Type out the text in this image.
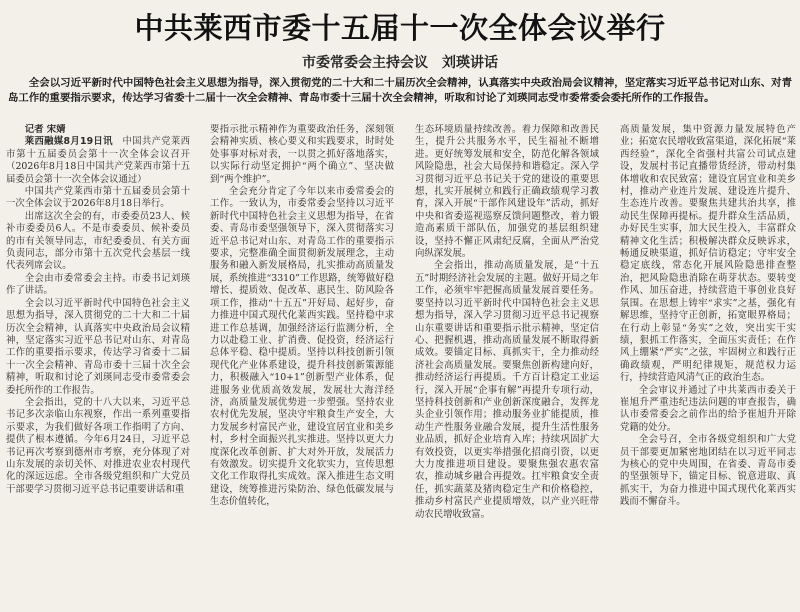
中共莱西市委十五届十一次全体会议举行
市委常委会主持会议　刘瑛讲话

全会以习近平新时代中国特色社会主义思想为指导，深入贯彻党的二十大和二十届历次全会精神，认真落实中央政治局会议精神，坚定落实习近平总书记对山东、对青岛工作的重要指示要求，传达学习省委十二届十一次全会精神、青岛市委十三届十次全会精神，听取和讨论了刘瑛同志受市委常委会委托所作的工作报告。

记者 宋婧

莱西融媒8月19日讯　 中国共产党莱西市第十五届委员会第十一次全体会议召开（2026年8月18日中国共产党莱西市第十五届委员会第十一次全体会议通过）

中国共产党莱西市第十五届委员会第十一次全体会议于2026年8月18日举行。

出席这次全会的有，市委委员23人、候补市委委员6人。不是市委委员、候补委员的市有关领导同志，市纪委委员、有关方面负责同志，部分市第十五次党代会基层一线代表列席会议。

全会由市委常委会主持。市委书记刘瑛作了讲话。

全会以习近平新时代中国特色社会主义思想为指导，深入贯彻党的二十大和二十届历次全会精神，认真落实中央政治局会议精神，坚定落实习近平总书记对山东、对青岛工作的重要指示要求，传达学习省委十二届十一次全会精神、青岛市委十三届十次全会精神，听取和讨论了刘瑛同志受市委常委会委托所作的工作报告。

全会指出，党的十八大以来，习近平总书记多次亲临山东视察，作出一系列重要指示要求，为我们做好各项工作指明了方向、提供了根本遵循。今年6月24日，习近平总书记再次考察到德州市考察，充分体现了对山东发展的亲切关怀、对推进农业农村现代化的深远远虑。全市各级党组织和广大党员干部要学习贯彻习近平总书记重要讲话和重

要指示批示精神作为重要政治任务，深刻领会精神实质、核心要义和实践要求，时时处处事事对标对表，一以贯之抓好落地落实，以实际行动坚定拥护“两个确立”、坚决做到“两个维护”。

全会充分肯定了今年以来市委常委会的工作。一致认为，市委常委会坚持以习近平新时代中国特色社会主义思想为指导，在省委、青岛市委坚强领导下，深入贯彻落实习近平总书记对山东、对青岛工作的重要指示要求，完整准确全面贯彻新发展理念，主动服务和融入新发展格局，扎实推动高质量发展，系统推进“3310”工作思路，统筹做好稳增长、提质效、促改革、惠民生、防风险各项工作，推动“十五五”开好局、起好步，奋力推进中国式现代化莱西实践。坚持稳中求进工作总基调，加强经济运行监测分析，全力以赴稳工业、扩消费、促投资，经济运行总体平稳、稳中提质。坚持以科技创新引领现代化产业体系建设，提升科技创新策源能力，积极融入“10+1”创新型产业体系，促进服务业优质高效发展，发展壮大海洋经济，高质量发展优势进一步塑强。坚持农业农村优先发展，坚决守牢粮食生产安全，大力发展乡村富民产业，建设宜居宜业和美乡村，乡村全面振兴扎实推进。坚持以更大力度深化改革创新、扩大对外开放，发展活力有效激发。切实提升文化软实力，宣传思想文化工作取得扎实成效。深入推进生态文明建设，统筹推进污染防治、绿色低碳发展与生态价值转化，

生态环境质量持续改善。着力保障和改善民生，提升公共服务水平，民生福祉不断增进。更好统筹发展和安全，防范化解各领域风险隐患，社会大局保持和谐稳定。深入学习贯彻习近平总书记关于党的建设的重要思想，扎实开展树立和践行正确政绩观学习教育，深入开展“干部作风建设年”活动，抓好中央和省委巡视巡察反馈问题整改，着力锻造高素质干部队伍，加强党的基层组织建设，坚持不懈正风肃纪反腐，全面从严治党向纵深发展。

全会指出，推动高质量发展，是“十五五”时期经济社会发展的主题。做好开局之年工作，必须牢牢把握高质量发展首要任务。要坚持以习近平新时代中国特色社会主义思想为指导，深入学习贯彻习近平总书记视察山东重要讲话和重要指示批示精神，坚定信心、把握机遇，推动高质量发展不断取得新成效。要锚定目标、真抓实干，全力推动经济社会高质量发展。要聚焦创新构建向好，推动经济运行再提质。千方百计稳定工业运行，深入开展“企事有解”再提升专项行动，坚持科技创新和产业创新深度融合，发挥龙头企业引领作用；推动服务业扩能提质，推动生产性服务业融合发展，提升生活性服务业品质，抓好企业培育入库；持续巩固扩大有效投资，以更实举措强化招商引资，以更大力度推进项目建设。要聚焦强农惠农富农，推动城乡融合再提效。扛牢粮食安全责任，抓实蔬菜及猪肉稳定生产和价格稳控，推动乡村富民产业提质增效，以产业兴旺带动农民增收致富。

高质量发展，集中资源力量发展特色产业；拓宽农民增收致富渠道，深化拓展“莱西经验”，深化全省强村共富公司试点建设，发展村书记直播带货经济，带动村集体增收和农民致富；建设宜居宜业和美乡村，推动产业连片发展、建设连片提升、生态连片改善。要聚焦共建共治共享，推动民生保障再提标。提升群众生活品质，办好民生实事，加大民生投入，丰富群众精神文化生活；积极解决群众反映诉求，畅通反映渠道，抓好信访稳定；守牢安全稳定底线，常态化开展风险隐患排查整治，把风险隐患消除在萌芽状态。要转变作风、加压奋进，持续营造干事创业良好氛围。在思想上铸牢“求实”之基，强化有解思维，坚持守正创新，拓宽眼界格局；在行动上彰显“务实”之效，突出实干实绩，狠抓工作落实，全面压实责任；在作风上绷紧“严实”之弦，牢固树立和践行正确政绩观，严明纪律规矩，规范权力运行，持续营造风清气正的政治生态。

全会审议并通过了中共莱西市委关于崔旭升严重违纪违法问题的审查报告，确认市委常委会之前作出的给予崔旭升开除党籍的处分。

全会号召，全市各级党组织和广大党员干部要更加紧密地团结在以习近平同志为核心的党中央周围，在省委、青岛市委的坚强领导下，锚定目标、锐意进取、真抓实干，为奋力推进中国式现代化莱西实践而不懈奋斗。
